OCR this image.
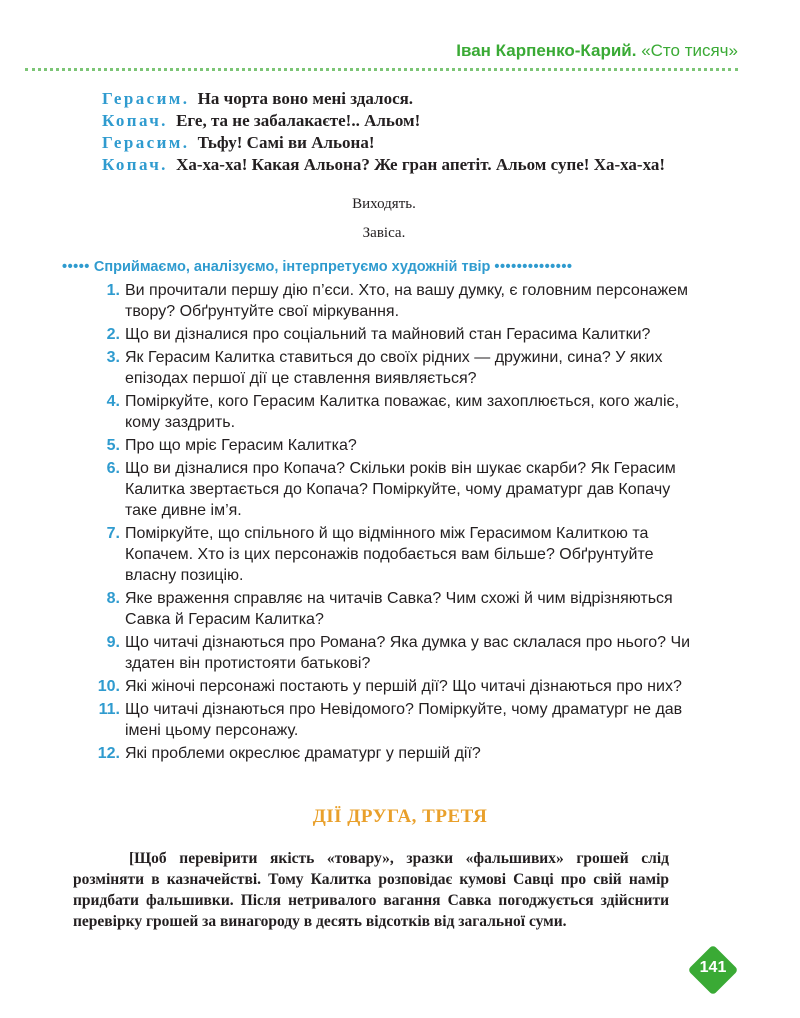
Іван Карпенко-Карий. «Сто тисяч»
Герасим. На чорта воно мені здалося.
Копач. Еге, та не забалакаєте!.. Альом!
Герасим. Тьфу! Самі ви Альона!
Копач. Ха-ха-ха! Какая Альона? Же гран апетіт. Альом супе! Ха-ха-ха!
Виходять.
Завіса.
••••• Сприймаємо, аналізуємо, інтерпретуємо художній твір ••••••••••••••
1. Ви прочитали першу дію п’єси. Хто, на вашу думку, є головним персонажем твору? Обґрунтуйте свої міркування.
2. Що ви дізналися про соціальний та майновий стан Герасима Калитки?
3. Як Герасим Калитка ставиться до своїх рідних — дружини, сина? У яких епізодах першої дії це ставлення виявляється?
4. Поміркуйте, кого Герасим Калитка поважає, ким захоплюється, кого жаліє, кому заздрить.
5. Про що мріє Герасим Калитка?
6. Що ви дізналися про Копача? Скільки років він шукає скарби? Як Герасим Калитка звертається до Копача? Поміркуйте, чому драматург дав Копачу таке дивне ім’я.
7. Поміркуйте, що спільного й що відмінного між Герасимом Калиткою та Копачем. Хто із цих персонажів подобається вам більше? Обґрунтуйте власну позицію.
8. Яке враження справляє на читачів Савка? Чим схожі й чим відрізняються Савка й Герасим Калитка?
9. Що читачі дізнаються про Романа? Яка думка у вас склалася про нього? Чи здатен він протистояти батькові?
10. Які жіночі персонажі постають у першій дії? Що читачі дізнаються про них?
11. Що читачі дізнаються про Невідомого? Поміркуйте, чому драматург не дав імені цьому персонажу.
12. Які проблеми окреслює драматург у першій дії?
ДІЇ ДРУГА, ТРЕТЯ
[Щоб перевірити якість «товару», зразки «фальшивих» грошей слід розміняти в казначействі. Тому Калитка розповідає кумові Савці про свій намір придбати фальшивки. Після нетривалого вагання Савка погоджується здійснити перевірку грошей за винагороду в десять відсотків від загальної суми.
141
